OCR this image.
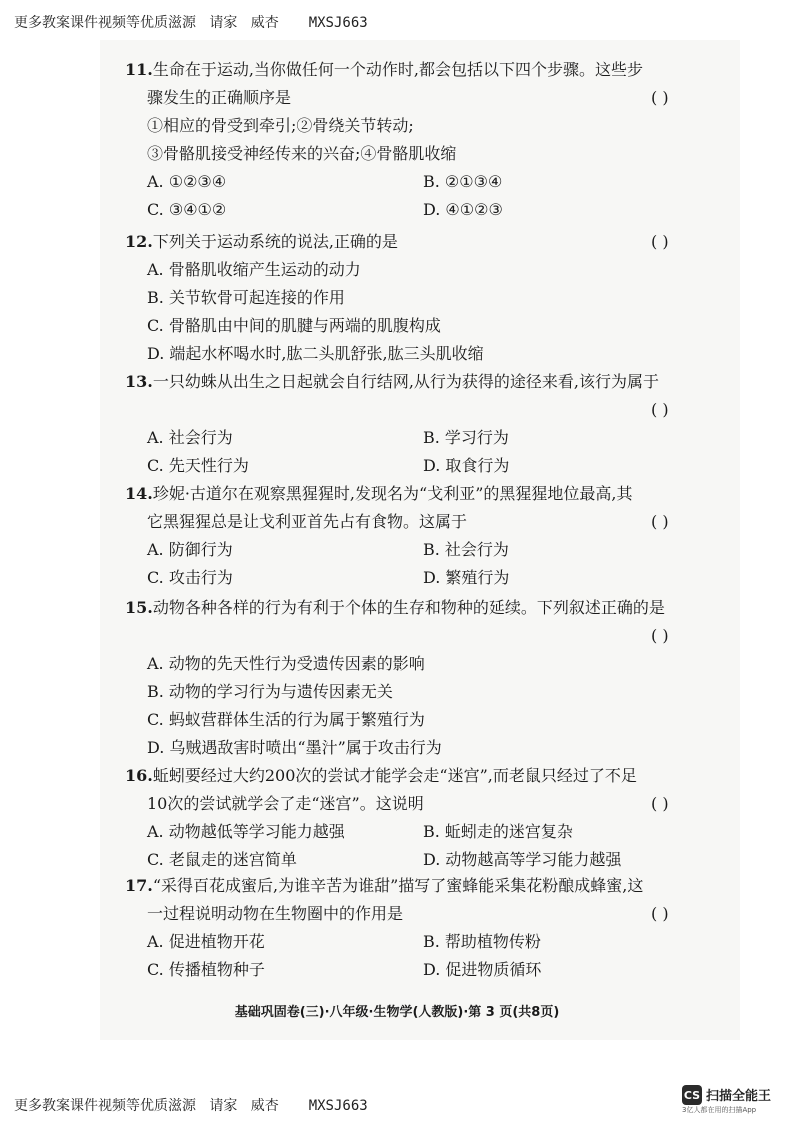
更多教案课件视频等优质滋源   请家   威杏 MXSJ663
11.生命在于运动,当你做任何一个动作时,都会包括以下四个步骤。这些步
骤发生的正确顺序是	( )
①相应的骨受到牵引;②骨绕关节转动;
③骨骼肌接受神经传来的兴奋;④骨骼肌收缩
A. ①②③④	B. ②①③④
C. ③④①②	D. ④①②③
12.下列关于运动系统的说法,正确的是	( )
A. 骨骼肌收缩产生运动的动力
B. 关节软骨可起连接的作用
C. 骨骼肌由中间的肌腱与两端的肌腹构成
D. 端起水杯喝水时,肱二头肌舒张,肱三头肌收缩
13.一只幼蛛从出生之日起就会自行结网,从行为获得的途径来看,该行为属于
( )
A. 社会行为	B. 学习行为
C. 先天性行为	D. 取食行为
14.珍妮·古道尔在观察黑猩猩时,发现名为“戈利亚”的黑猩猩地位最高,其
它黑猩猩总是让戈利亚首先占有食物。这属于	( )
A. 防御行为	B. 社会行为
C. 攻击行为	D. 繁殖行为
15.动物各种各样的行为有利于个体的生存和物种的延续。下列叙述正确的是
( )
A. 动物的先天性行为受遗传因素的影响
B. 动物的学习行为与遗传因素无关
C. 蚂蚁营群体生活的行为属于繁殖行为
D. 乌贼遇敌害时喷出“墨汁”属于攻击行为
16.蚯蚓要经过大约200次的尝试才能学会走“迷宫”,而老鼠只经过了不足
10次的尝试就学会了走“迷宫”。这说明	( )
A. 动物越低等学习能力越强	B. 蚯蚓走的迷宫复杂
C. 老鼠走的迷宫简单	D. 动物越高等学习能力越强
17.“采得百花成蜜后,为谁辛苦为谁甜”描写了蜜蜂能采集花粉酿成蜂蜜,这
一过程说明动物在生物圈中的作用是	( )
A. 促进植物开花	B. 帮助植物传粉
C. 传播植物种子	D. 促进物质循环
基础巩固卷(三)·八年级·生物学(人教版)·第 3 页(共8页)
更多教案课件视频等优质滋源   请家   威杏 MXSJ663
CS 扫描全能王
3亿人都在用的扫描App
